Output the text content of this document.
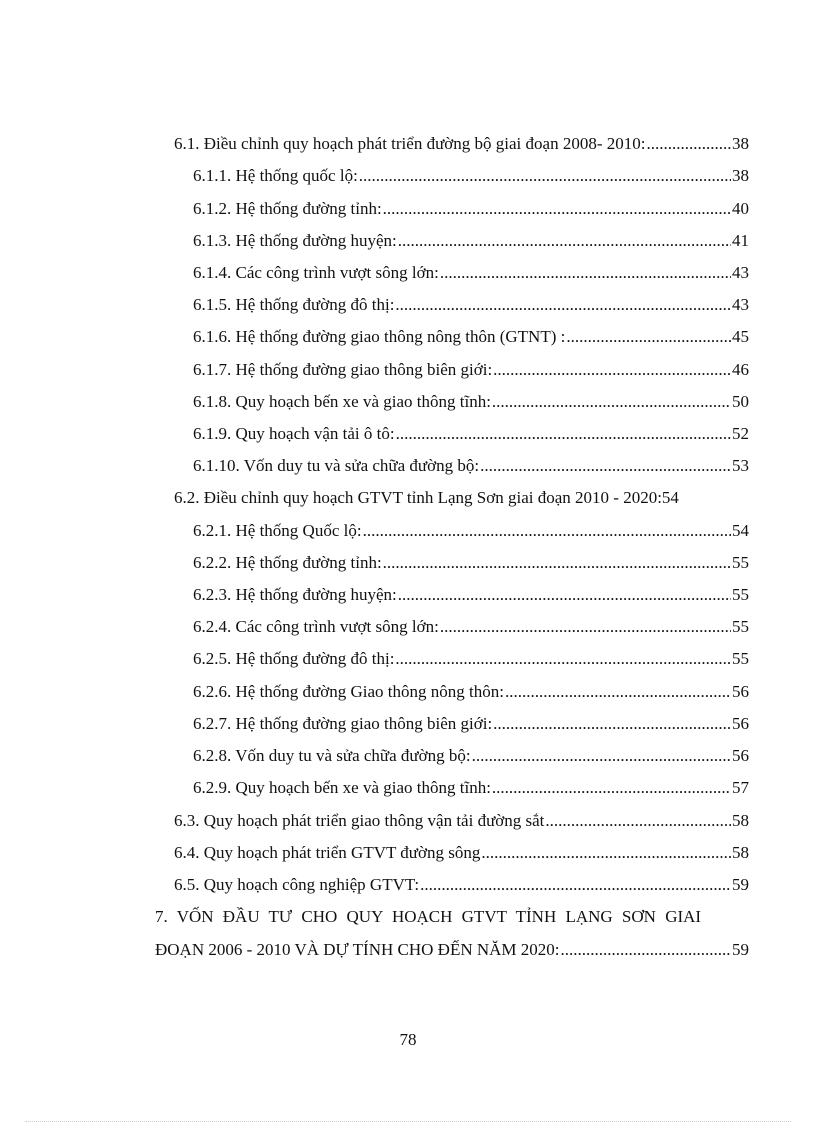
6.1. Điều chỉnh quy hoạch phát triển đường bộ giai đoạn 2008- 2010: .....	38
6.1.1. Hệ thống quốc lộ: .....	38
6.1.2. Hệ thống đường tỉnh: .....	40
6.1.3. Hệ thống đường huyện: .....	41
6.1.4. Các công trình vượt sông lớn: .....	43
6.1.5. Hệ thống đường đô thị: .....	43
6.1.6. Hệ thống đường giao thông nông thôn (GTNT) : .....	45
6.1.7. Hệ thống đường giao thông biên giới: .....	46
6.1.8. Quy hoạch bến xe và giao thông tĩnh: .....	50
6.1.9. Quy hoạch vận tải ô tô: .....	52
6.1.10. Vốn duy tu và sửa chữa đường bộ: .....	53
6.2. Điều chỉnh quy hoạch GTVT tỉnh Lạng Sơn giai đoạn 2010 - 2020: 54
6.2.1. Hệ thống Quốc lộ: .....	54
6.2.2. Hệ thống đường tỉnh: .....	55
6.2.3. Hệ thống đường huyện: .....	55
6.2.4. Các công trình vượt sông lớn: .....	55
6.2.5. Hệ thống đường đô thị: .....	55
6.2.6. Hệ thống đường Giao thông nông thôn: .....	56
6.2.7. Hệ thống đường giao thông biên giới: .....	56
6.2.8. Vốn duy tu và sửa chữa đường bộ: .....	56
6.2.9. Quy hoạch bến xe và giao thông tĩnh: .....	57
6.3. Quy hoạch phát triển giao thông vận tải đường sắt .....	58
6.4. Quy hoạch phát triển GTVT đường sông .....	58
6.5. Quy hoạch công nghiệp GTVT: .....	59
7. VỐN ĐẦU TƯ CHO QUY HOẠCH GTVT TỈNH LẠNG SƠN GIAI
ĐOẠN 2006 - 2010 VÀ DỰ TÍNH CHO ĐẾN NĂM 2020: .....	59
78
